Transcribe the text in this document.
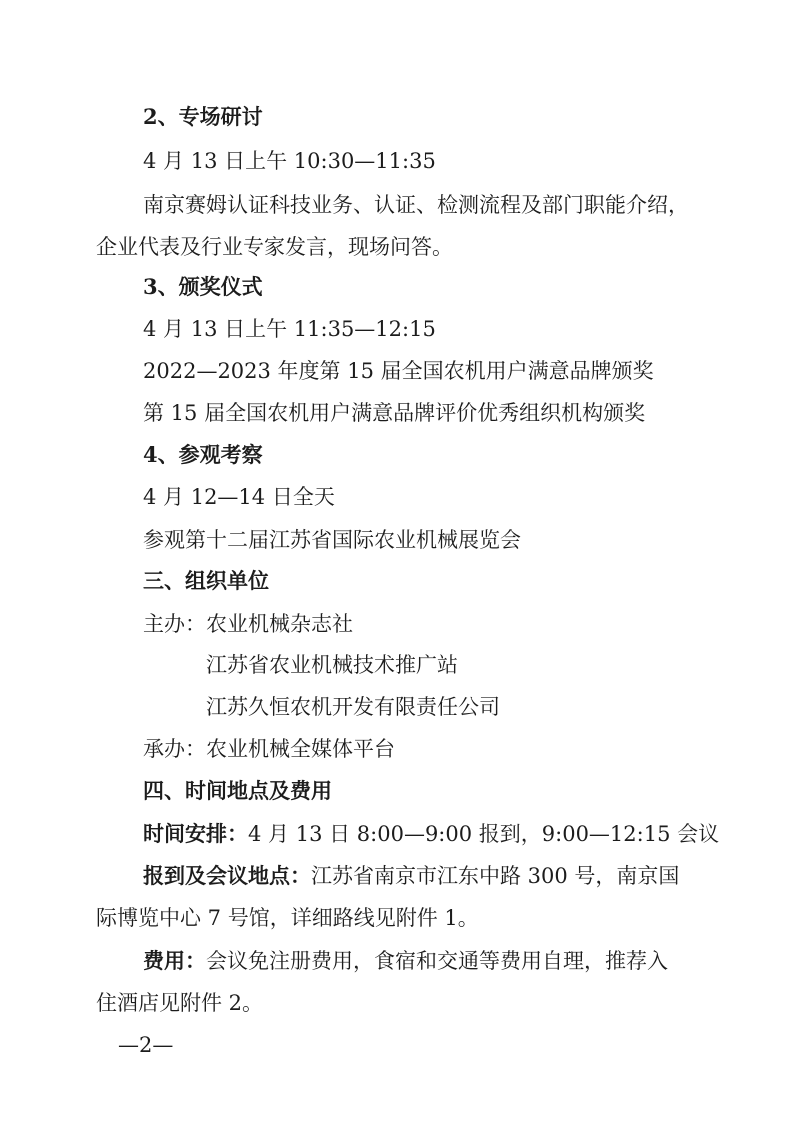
2、专场研讨

4 月 13 日上午 10:30—11:35

南京赛姆认证科技业务、认证、检测流程及部门职能介绍，

企业代表及行业专家发言，现场问答。

3、颁奖仪式

4 月 13 日上午 11:35—12:15

2022—2023 年度第 15 届全国农机用户满意品牌颁奖

第 15 届全国农机用户满意品牌评价优秀组织机构颁奖

4、参观考察

4 月 12—14 日全天

参观第十二届江苏省国际农业机械展览会

三、组织单位

主办：农业机械杂志社

江苏省农业机械技术推广站

江苏久恒农机开发有限责任公司

承办：农业机械全媒体平台

四、时间地点及费用

时间安排：4 月 13 日 8:00—9:00 报到，9:00—12:15 会议

报到及会议地点：江苏省南京市江东中路 300 号，南京国

际博览中心 7 号馆，详细路线见附件 1。

费用：会议免注册费用，食宿和交通等费用自理，推荐入

住酒店见附件 2。

—2—
